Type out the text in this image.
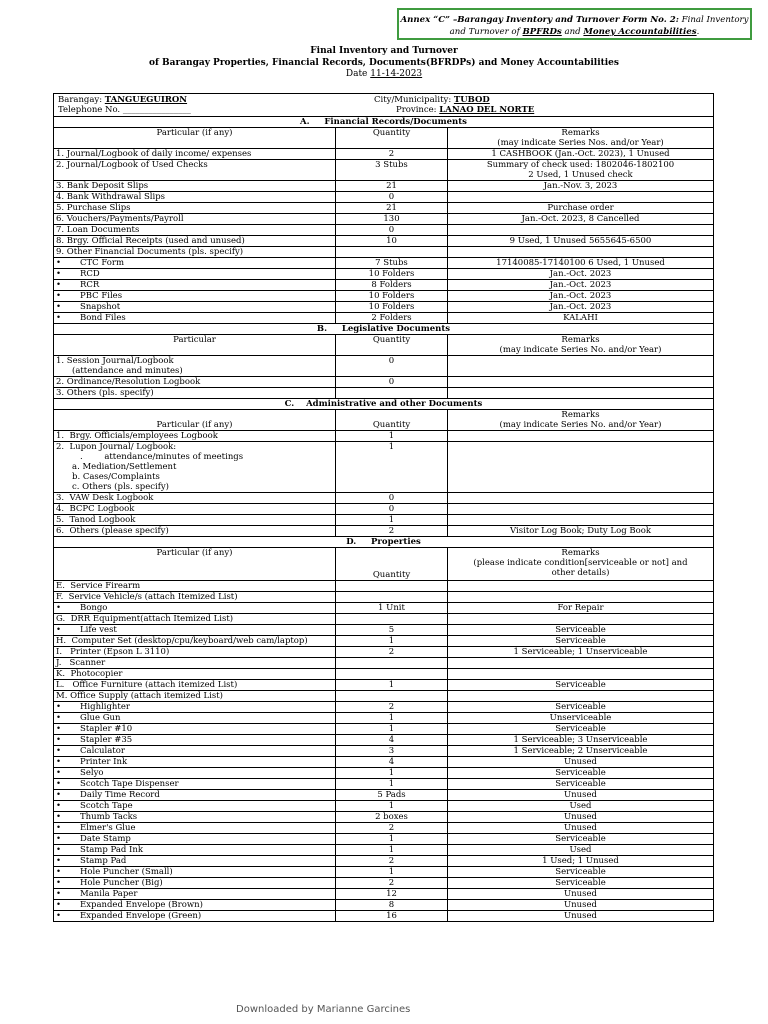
Annex “C” –Barangay Inventory and Turnover Form No. 2: Final Inventory and Turnover of BPFRDs and Money Accountabilities.
Final Inventory and Turnover
of Barangay Properties, Financial Records, Documents(BFRDPs) and Money Accountabilities
Date 11-14-2023
Barangay: TANGUEGUIRON City/Municipality: TUBOD
Telephone No. ________________ Province: LANAO DEL NORTE		

A.     Financial Records/Documents		
Particular (if any)	Quantity	Remarks
(may indicate Series Nos. and/or Year)

1. Journal/Logbook of daily income/ expenses	2	1 CASHBOOK (Jan.-Oct. 2023), 1 Unused

2. Journal/Logbook of Used Checks	3 Stubs	Summary of check used: 1802046-1802100
2 Used, 1 Unused check

3. Bank Deposit Slips	21	Jan.-Nov. 3, 2023

4. Bank Withdrawal Slips	0	

5. Purchase Slips	21	Purchase order

6. Vouchers/Payments/Payroll	130	Jan.-Oct. 2023, 8 Cancelled

7. Loan Documents	0	

8. Brgy. Official Receipts (used and unused)	10	9 Used, 1 Unused 5655645-6500

9. Other Financial Documents (pls. specify)		

• CTC Form	7 Stubs	17140085-17140100 6 Used, 1 Unused

• RCD	10 Folders	Jan.-Oct. 2023

• RCR	8 Folders	Jan.-Oct. 2023

• PBC Files	10 Folders	Jan.-Oct. 2023

• Snapshot	10 Folders	Jan.-Oct. 2023

• Bond Files	2 Folders	KALAHI

B.     Legislative Documents		
Particular	Quantity	Remarks
(may indicate Series No. and/or Year)

1. Session Journal/Logbook
(attendance and minutes)	0	
2. Ordinance/Resolution Logbook	0	
3. Others (pls. specify)		
C.    Administrative and other Documents		
Particular (if any)	Quantity	Remarks
(may indicate Series No. and/or Year)

1.  Brgy. Officials/employees Logbook	1	

2.  Lupon Journal/ Logbook:
.        attendance/minutes of meetings
a. Mediation/Settlement
b. Cases/Complaints
c. Others (pls. specify)	1	
3.  VAW Desk Logbook	0	

4.  BCPC Logbook	0	

5.  Tanod Logbook	1	

6.  Others (please specify)	2	Visitor Log Book; Duty Log Book

D.     Properties		
Particular (if any)	Quantity	Remarks
(please indicate condition[serviceable or not] and
other details)

E.  Service Firearm		

F.  Service Vehicle/s (attach Itemized List)		

• Bongo	1 Unit	For Repair

G.  DRR Equipment(attach Itemized List)		

• Life vest	5	Serviceable

H.  Computer Set (desktop/cpu/keyboard/web cam/laptop)	1	Serviceable

I.   Printer (Epson L 3110)	2	1 Serviceable; 1 Unserviceable

J.   Scanner		

K.  Photocopier		

L.   Office Furniture (attach itemized List)	1	Serviceable

M. Office Supply (attach itemized List)		

• Highlighter	2	Serviceable

• Glue Gun	1	Unserviceable

• Stapler #10	1	Serviceable

• Stapler #35	4	1 Serviceable; 3 Unserviceable

• Calculator	3	1 Serviceable; 2 Unserviceable

• Printer Ink	4	Unused

• Selyo	1	Serviceable

• Scotch Tape Dispenser	1	Serviceable

• Daily Time Record	5 Pads	Unused

• Scotch Tape	1	Used

• Thumb Tacks	2 boxes	Unused

• Elmer's Glue	2	Unused

• Date Stamp	1	Serviceable

• Stamp Pad Ink	1	Used

• Stamp Pad	2	1 Used; 1 Unused

• Hole Puncher (Small)	1	Serviceable

• Hole Puncher (Big)	2	Serviceable

• Manila Paper	12	Unused

• Expanded Envelope (Brown)	8	Unused

• Expanded Envelope (Green)	16	Unused
Downloaded by Marianne Garcines
